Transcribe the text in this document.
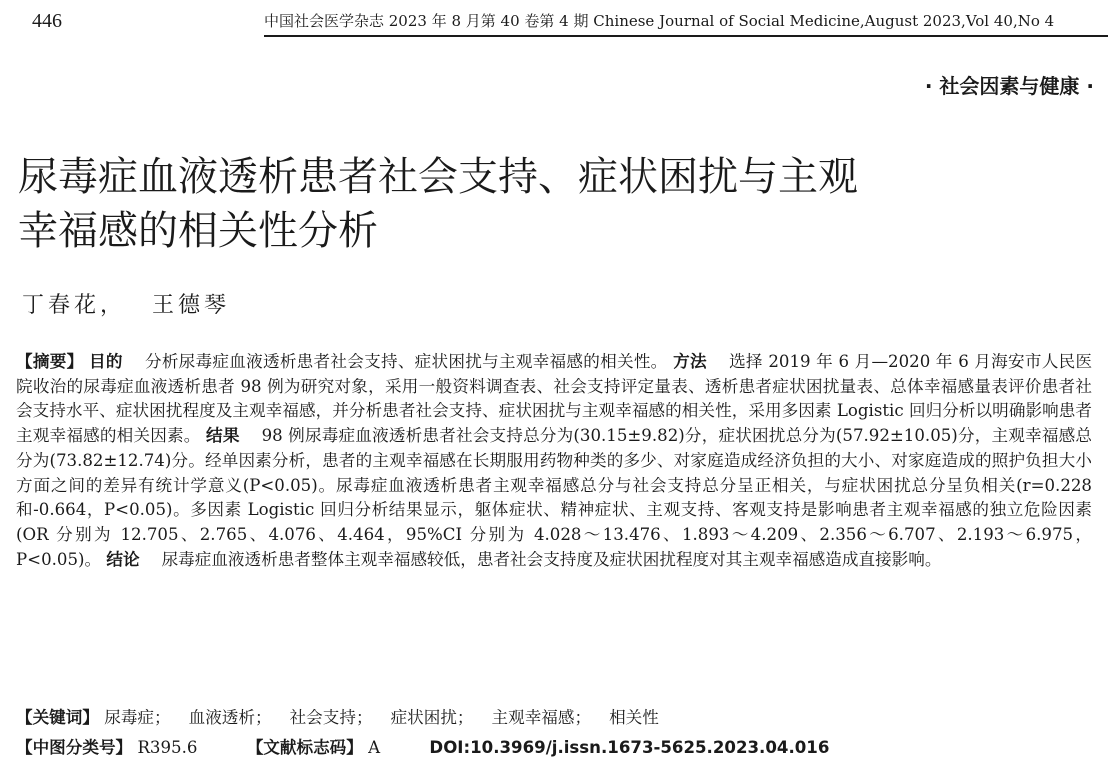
446	中国社会医学杂志 2023 年 8 月第 40 卷第 4 期 Chinese Journal of Social Medicine,August 2023,Vol 40,No 4
· 社会因素与健康 ·
尿毒症血液透析患者社会支持、症状困扰与主观
幸福感的相关性分析
丁春花， 王德琴
【摘要】 目的 分析尿毒症血液透析患者社会支持、症状困扰与主观幸福感的相关性。 方法 选择 2019 年 6 月—2020 年 6 月海安市人民医院收治的尿毒症血液透析患者 98 例为研究对象，采用一般资料调查表、社会支持评定量表、透析患者症状困扰量表、总体幸福感量表评价患者社会支持水平、症状困扰程度及主观幸福感，并分析患者社会支持、症状困扰与主观幸福感的相关性，采用多因素 Logistic 回归分析以明确影响患者主观幸福感的相关因素。 结果 98 例尿毒症血液透析患者社会支持总分为(30.15±9.82)分，症状困扰总分为(57.92±10.05)分，主观幸福感总分为(73.82±12.74)分。经单因素分析，患者的主观幸福感在长期服用药物种类的多少、对家庭造成经济负担的大小、对家庭造成的照护负担大小方面之间的差异有统计学意义(P<0.05)。尿毒症血液透析患者主观幸福感总分与社会支持总分呈正相关，与症状困扰总分呈负相关(r=0.228 和-0.664，P<0.05)。多因素 Logistic 回归分析结果显示，躯体症状、精神症状、主观支持、客观支持是影响患者主观幸福感的独立危险因素(OR 分别为 12.705、2.765、4.076、4.464，95%CI 分别为 4.028～13.476、1.893～4.209、2.356～6.707、2.193～6.975，P<0.05)。 结论 尿毒症血液透析患者整体主观幸福感较低，患者社会支持度及症状困扰程度对其主观幸福感造成直接影响。
【关键词】 尿毒症； 血液透析； 社会支持； 症状困扰； 主观幸福感； 相关性
【中图分类号】 R395.6	【文献标志码】 A	DOI:10.3969/j.issn.1673-5625.2023.04.016
